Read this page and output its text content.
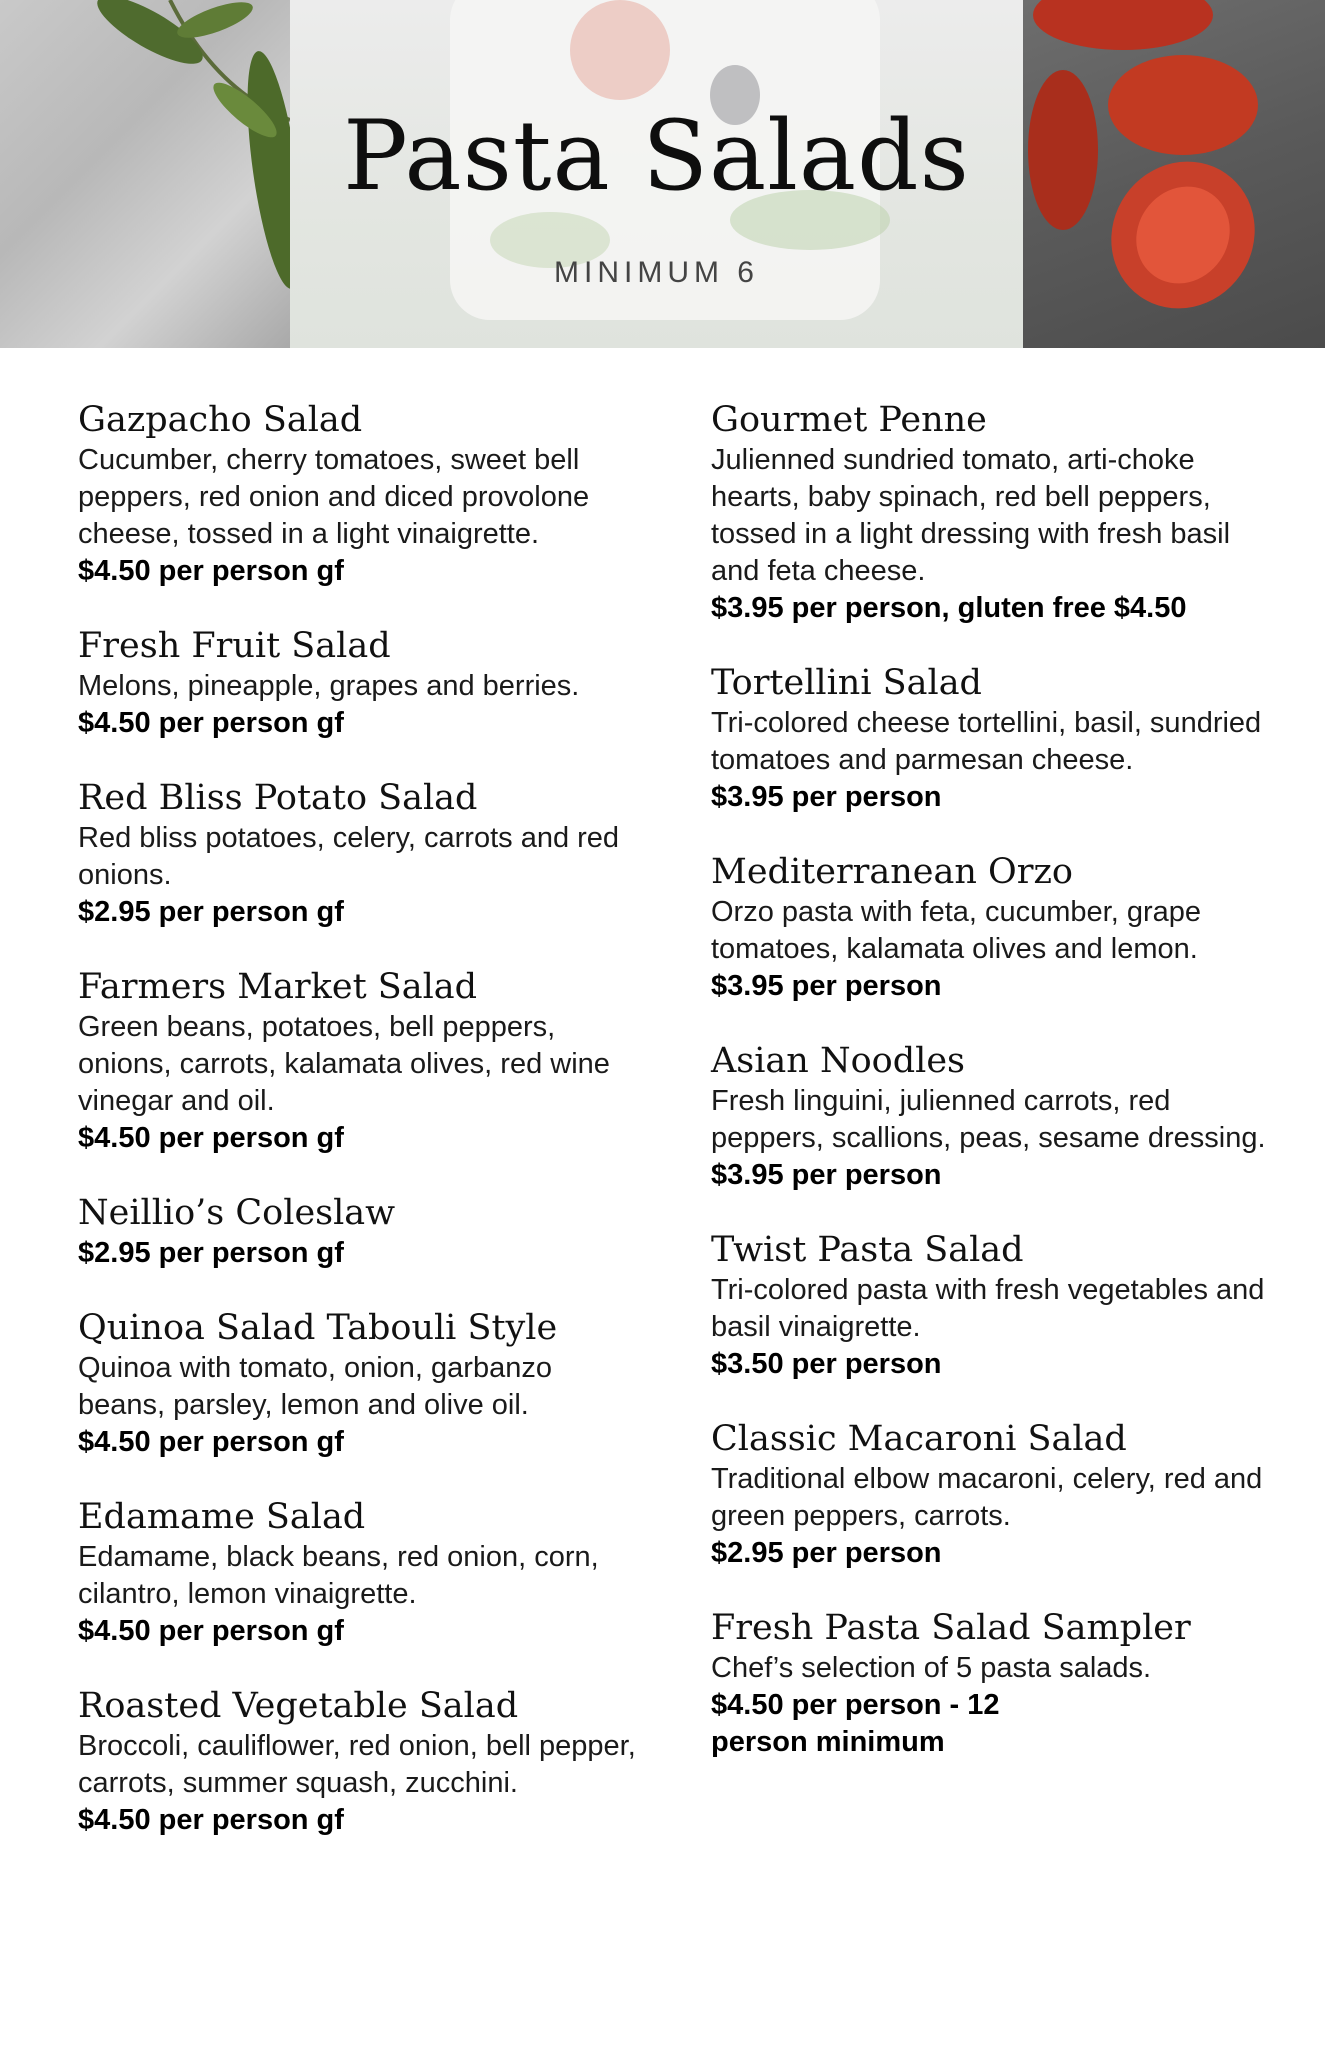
Pasta Salads
MINIMUM 6
Gazpacho Salad
Cucumber, cherry tomatoes, sweet bell peppers, red onion and diced provolone cheese, tossed in a light vinaigrette.
$4.50 per person gf
Fresh Fruit Salad
Melons, pineapple, grapes and berries.
$4.50 per person gf
Red Bliss Potato Salad
Red bliss potatoes, celery, carrots and red onions.
$2.95 per person gf
Farmers Market Salad
Green beans, potatoes, bell peppers, onions, carrots, kalamata olives, red wine vinegar and oil.
$4.50 per person gf
Neillio’s Coleslaw
$2.95 per person gf
Quinoa Salad Tabouli Style
Quinoa with tomato, onion, garbanzo beans, parsley, lemon and olive oil.
$4.50 per person gf
Edamame Salad
Edamame, black beans, red onion, corn, cilantro, lemon vinaigrette.
$4.50 per person gf
Roasted Vegetable Salad
Broccoli, cauliflower, red onion, bell pepper, carrots, summer squash, zucchini.
$4.50 per person gf
Gourmet Penne
Julienned sundried tomato, arti-choke hearts, baby spinach, red bell peppers, tossed in a light dressing with fresh basil and feta cheese.
$3.95 per person, gluten free $4.50
Tortellini Salad
Tri-colored cheese tortellini, basil, sundried tomatoes and parmesan cheese.
$3.95 per person
Mediterranean Orzo
Orzo pasta with feta, cucumber, grape tomatoes, kalamata olives and lemon.
$3.95 per person
Asian Noodles
Fresh linguini, julienned carrots, red peppers, scallions, peas, sesame dressing.
$3.95 per person
Twist Pasta Salad
Tri-colored pasta with fresh vegetables and basil vinaigrette.
$3.50 per person
Classic Macaroni Salad
Traditional elbow macaroni, celery, red and green peppers, carrots.
$2.95 per person
Fresh Pasta Salad Sampler
Chef’s selection of 5 pasta salads.
$4.50 per person - 12 person minimum
